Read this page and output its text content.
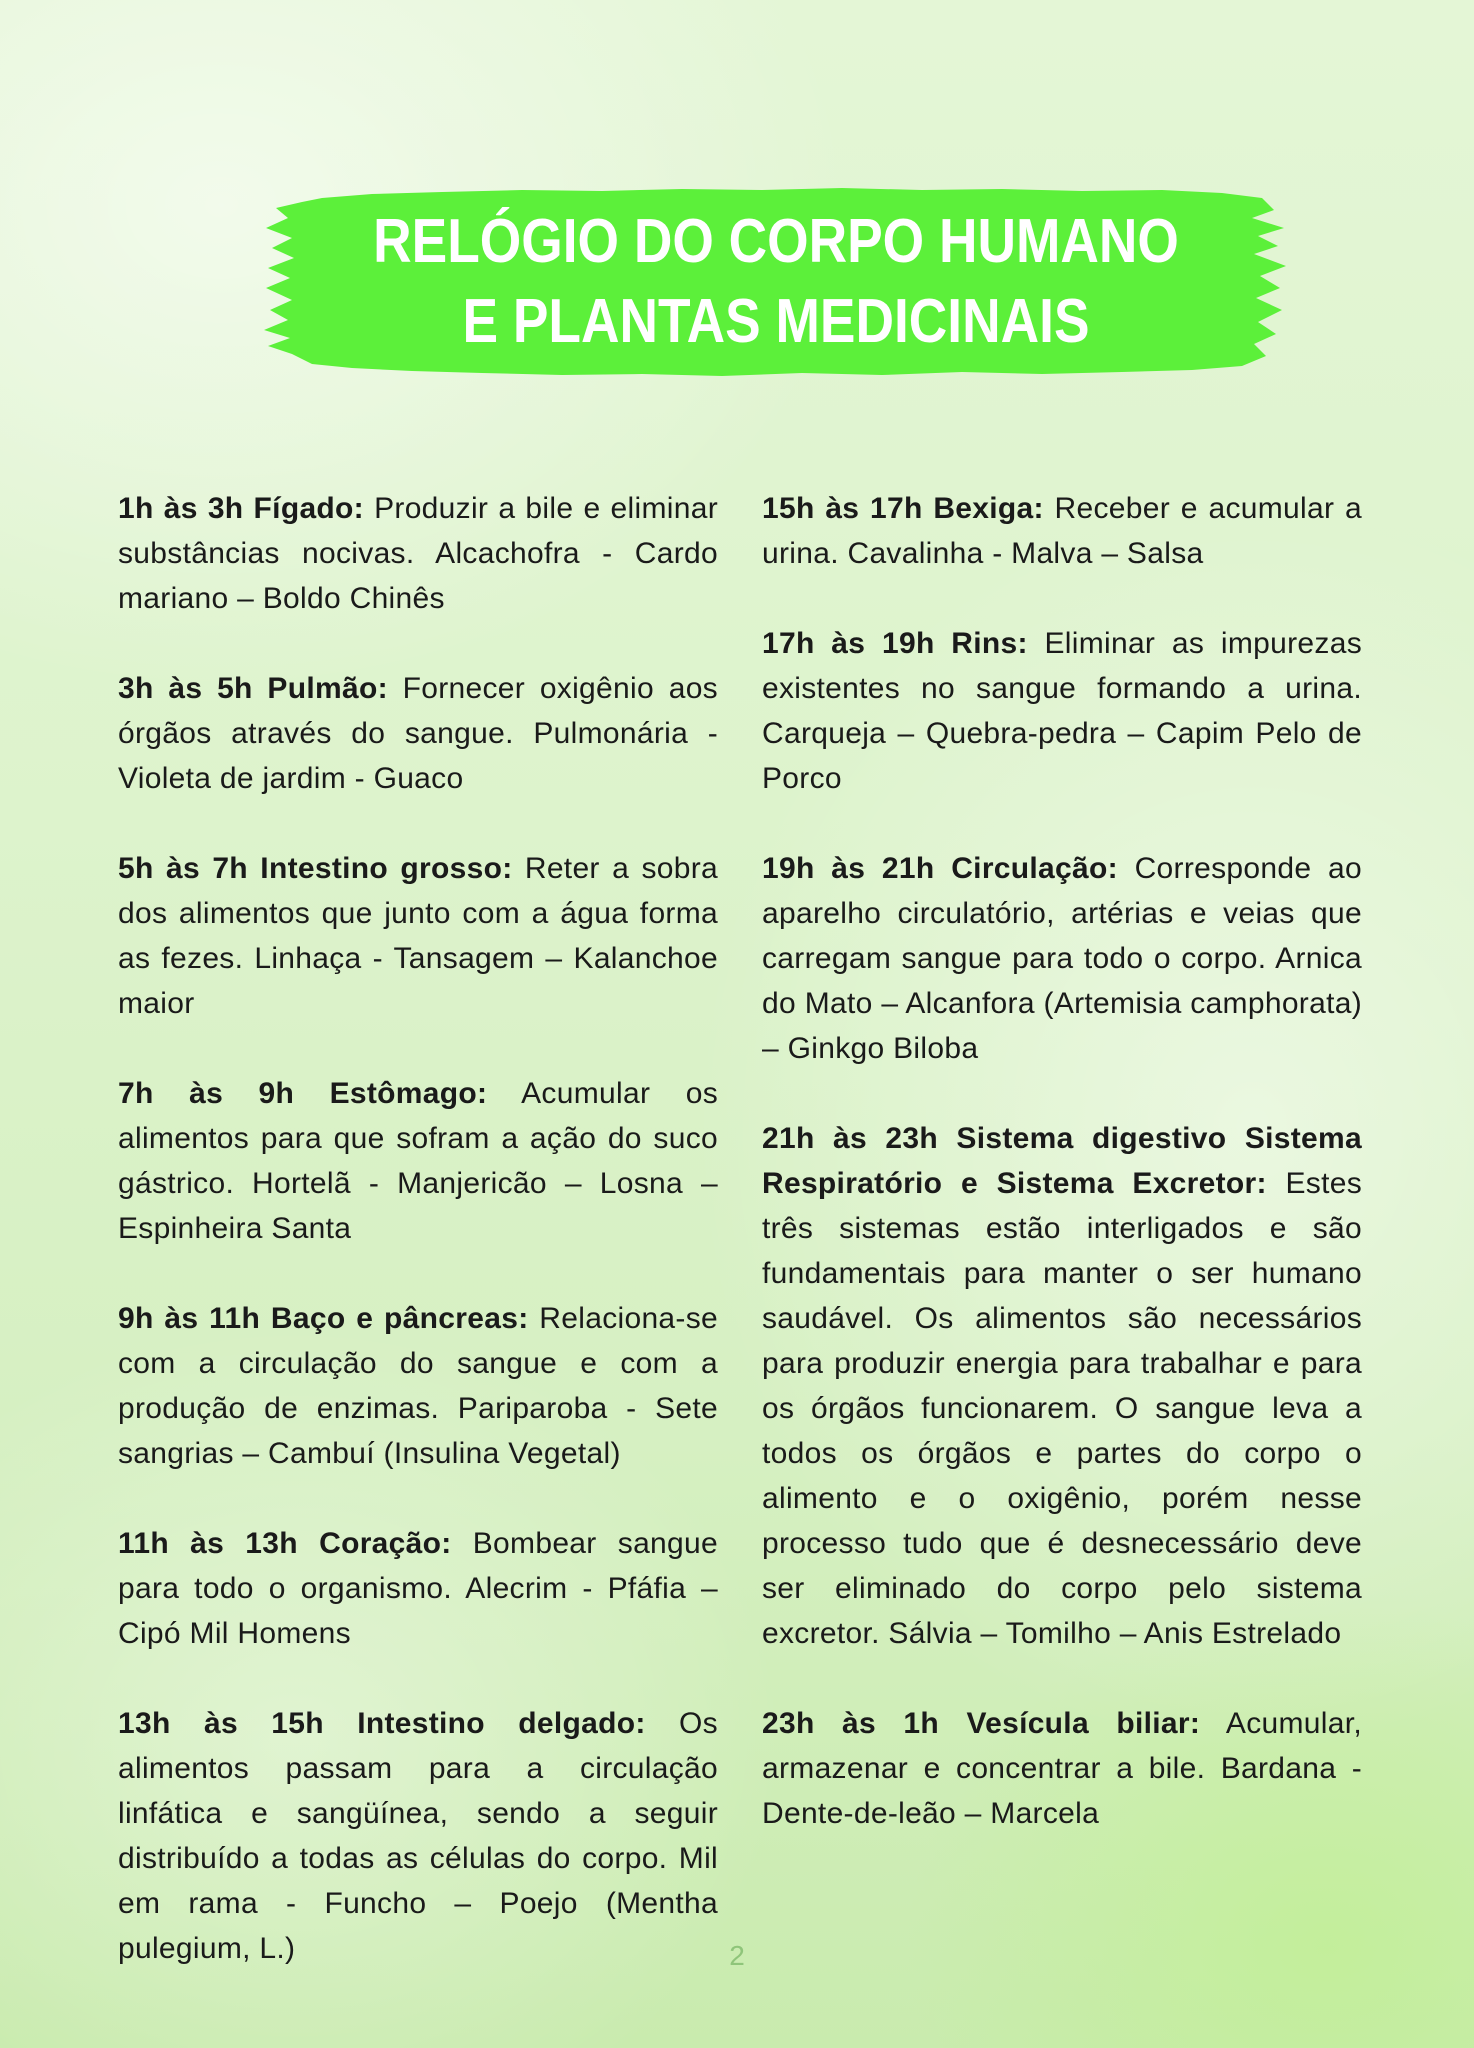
RELÓGIO DO CORPO HUMANO
E PLANTAS MEDICINAIS

1h às 3h Fígado: Produzir a bile e eliminar substâncias nocivas. Alcachofra - Cardo mariano – Boldo Chinês

3h às 5h Pulmão: Fornecer oxigênio aos órgãos através do sangue. Pulmonária - Violeta de jardim - Guaco

5h às 7h Intestino grosso: Reter a sobra dos alimentos que junto com a água forma as fezes. Linhaça - Tansagem – Kalanchoe maior

7h às 9h Estômago: Acumular os alimentos para que sofram a ação do suco gástrico. Hortelã - Manjericão – Losna – Espinheira Santa

9h às 11h Baço e pâncreas: Relaciona-se com a circulação do sangue e com a produção de enzimas. Pariparoba - Sete sangrias – Cambuí (Insulina Vegetal)

11h às 13h Coração: Bombear sangue para todo o organismo. Alecrim - Pfáfia – Cipó Mil Homens

13h às 15h Intestino delgado: Os alimentos passam para a circulação linfática e sangüínea, sendo a seguir distribuído a todas as células do corpo. Mil em rama - Funcho – Poejo (Mentha pulegium, L.)

15h às 17h Bexiga: Receber e acumular a urina. Cavalinha - Malva – Salsa

17h às 19h Rins: Eliminar as impurezas existentes no sangue formando a urina. Carqueja – Quebra-pedra – Capim Pelo de Porco

19h às 21h Circulação: Corresponde ao aparelho circulatório, artérias e veias que carregam sangue para todo o corpo. Arnica do Mato – Alcanfora (Artemisia camphorata) – Ginkgo Biloba

21h às 23h Sistema digestivo Sistema Respiratório e Sistema Excretor: Estes três sistemas estão interligados e são fundamentais para manter o ser humano saudável. Os alimentos são necessários para produzir energia para trabalhar e para os órgãos funcionarem. O sangue leva a todos os órgãos e partes do corpo o alimento e o oxigênio, porém nesse processo tudo que é desnecessário deve ser eliminado do corpo pelo sistema excretor. Sálvia – Tomilho – Anis Estrelado

23h às 1h Vesícula biliar: Acumular, armazenar e concentrar a bile. Bardana - Dente-de-leão – Marcela

2
